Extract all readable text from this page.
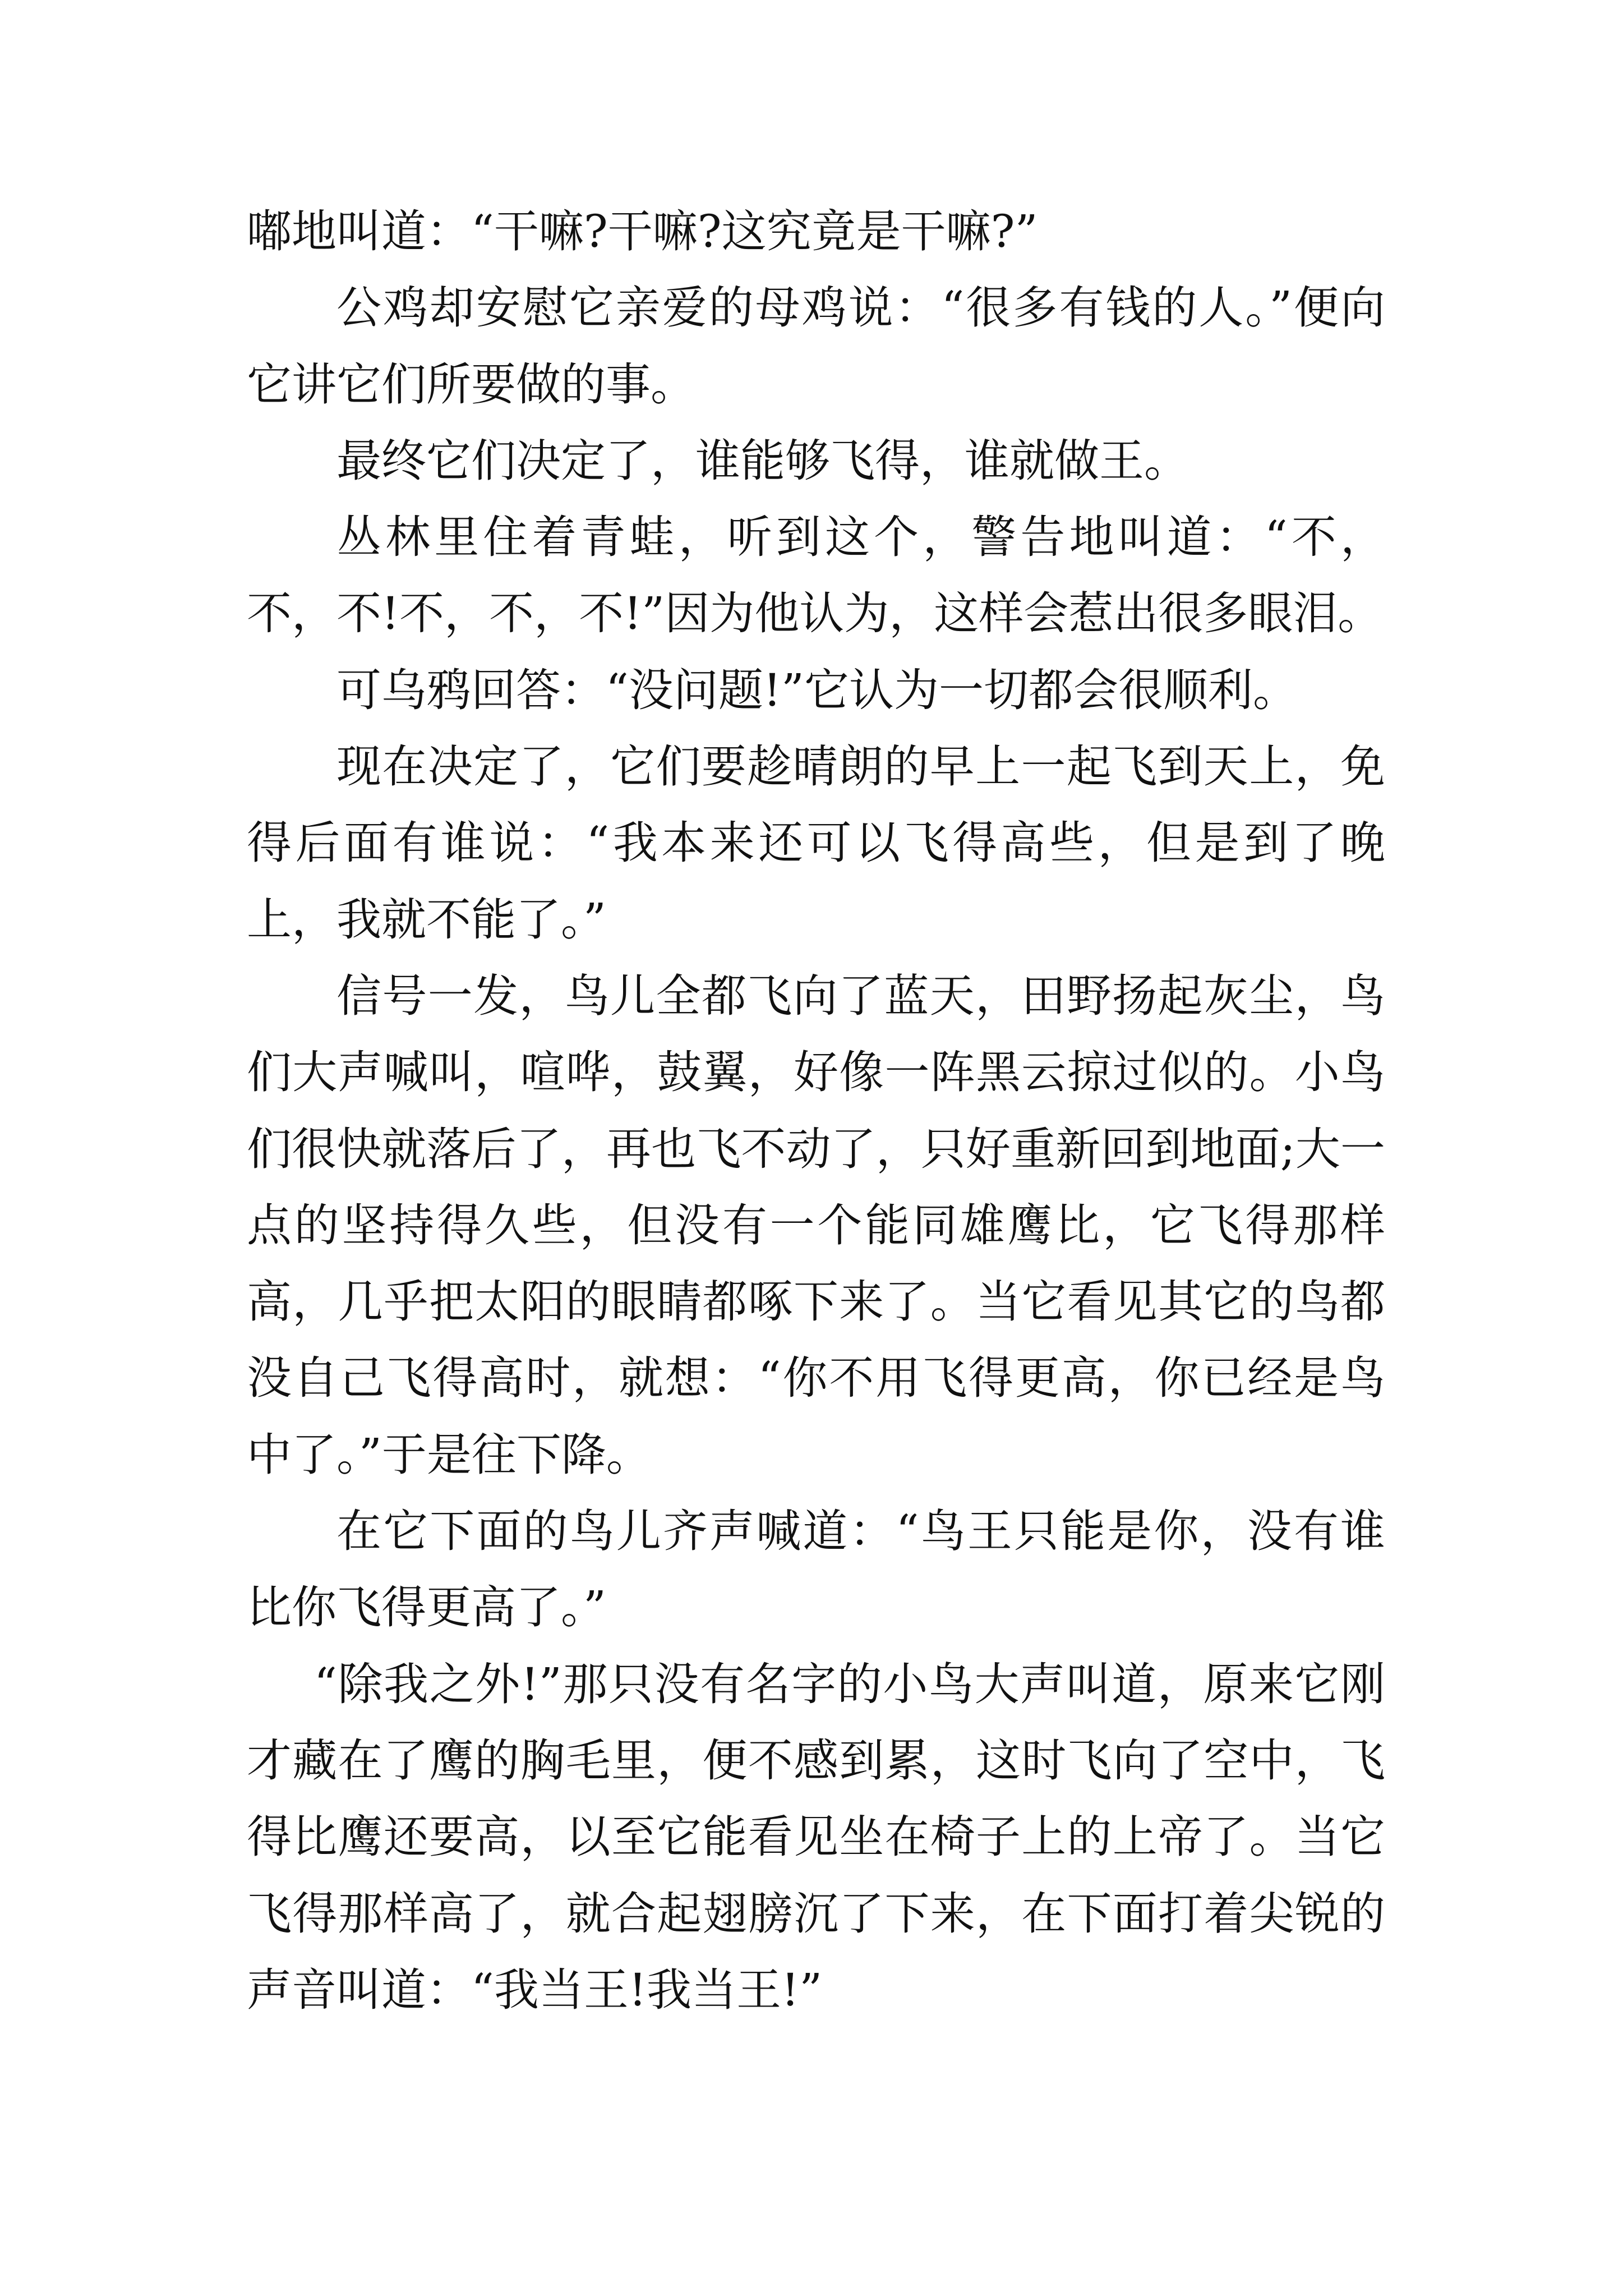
嘟地叫道：“干嘛?干嘛?这究竟是干嘛?”

公鸡却安慰它亲爱的母鸡说：“很多有钱的人。”便向它讲它们所要做的事。

最终它们决定了，谁能够飞得，谁就做王。

丛林里住着青蛙，听到这个，警告地叫道：“不，不，不!不，不，不!”因为他认为，这样会惹出很多眼泪。

可乌鸦回答：“没问题!”它认为一切都会很顺利。

现在决定了，它们要趁晴朗的早上一起飞到天上，免得后面有谁说：“我本来还可以飞得高些，但是到了晚上，我就不能了。”

信号一发，鸟儿全都飞向了蓝天，田野扬起灰尘，鸟们大声喊叫，喧哗，鼓翼，好像一阵黑云掠过似的。小鸟们很快就落后了，再也飞不动了，只好重新回到地面;大一点的坚持得久些，但没有一个能同雄鹰比，它飞得那样高，几乎把太阳的眼睛都啄下来了。当它看见其它的鸟都没自己飞得高时，就想：“你不用飞得更高，你已经是鸟中了。”于是往下降。

在它下面的鸟儿齐声喊道：“鸟王只能是你，没有谁比你飞得更高了。”

“除我之外!”那只没有名字的小鸟大声叫道，原来它刚才藏在了鹰的胸毛里，便不感到累，这时飞向了空中，飞得比鹰还要高，以至它能看见坐在椅子上的上帝了。当它飞得那样高了，就合起翅膀沉了下来，在下面打着尖锐的声音叫道：“我当王!我当王!”
